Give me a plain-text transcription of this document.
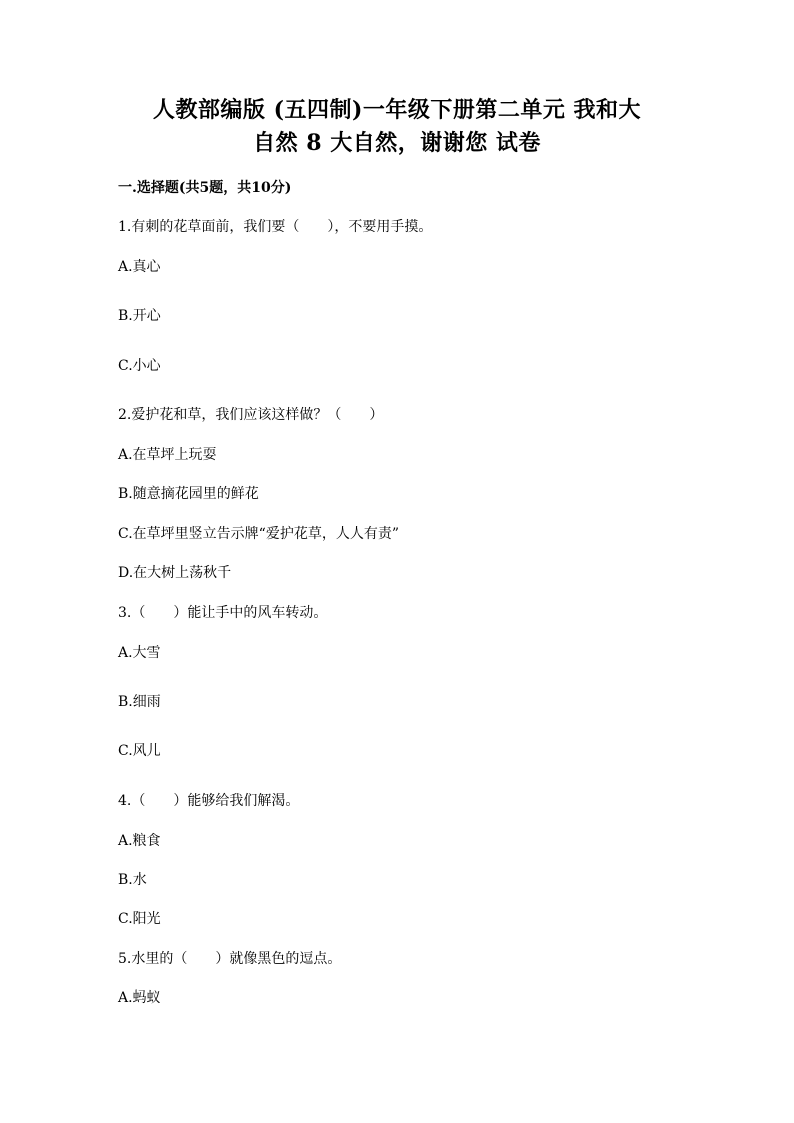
人教部编版 (五四制)一年级下册第二单元 我和大
自然 8 大自然，谢谢您 试卷
一.选择题(共5题，共10分)
1.有刺的花草面前，我们要（　　），不要用手摸。
A.真心
B.开心
C.小心
2.爱护花和草，我们应该这样做？（　　）
A.在草坪上玩耍
B.随意摘花园里的鲜花
C.在草坪里竖立告示牌“爱护花草，人人有责”
D.在大树上荡秋千
3.（　　）能让手中的风车转动。
A.大雪
B.细雨
C.风儿
4.（　　）能够给我们解渴。
A.粮食
B.水
C.阳光
5.水里的（　　）就像黑色的逗点。
A.蚂蚁
